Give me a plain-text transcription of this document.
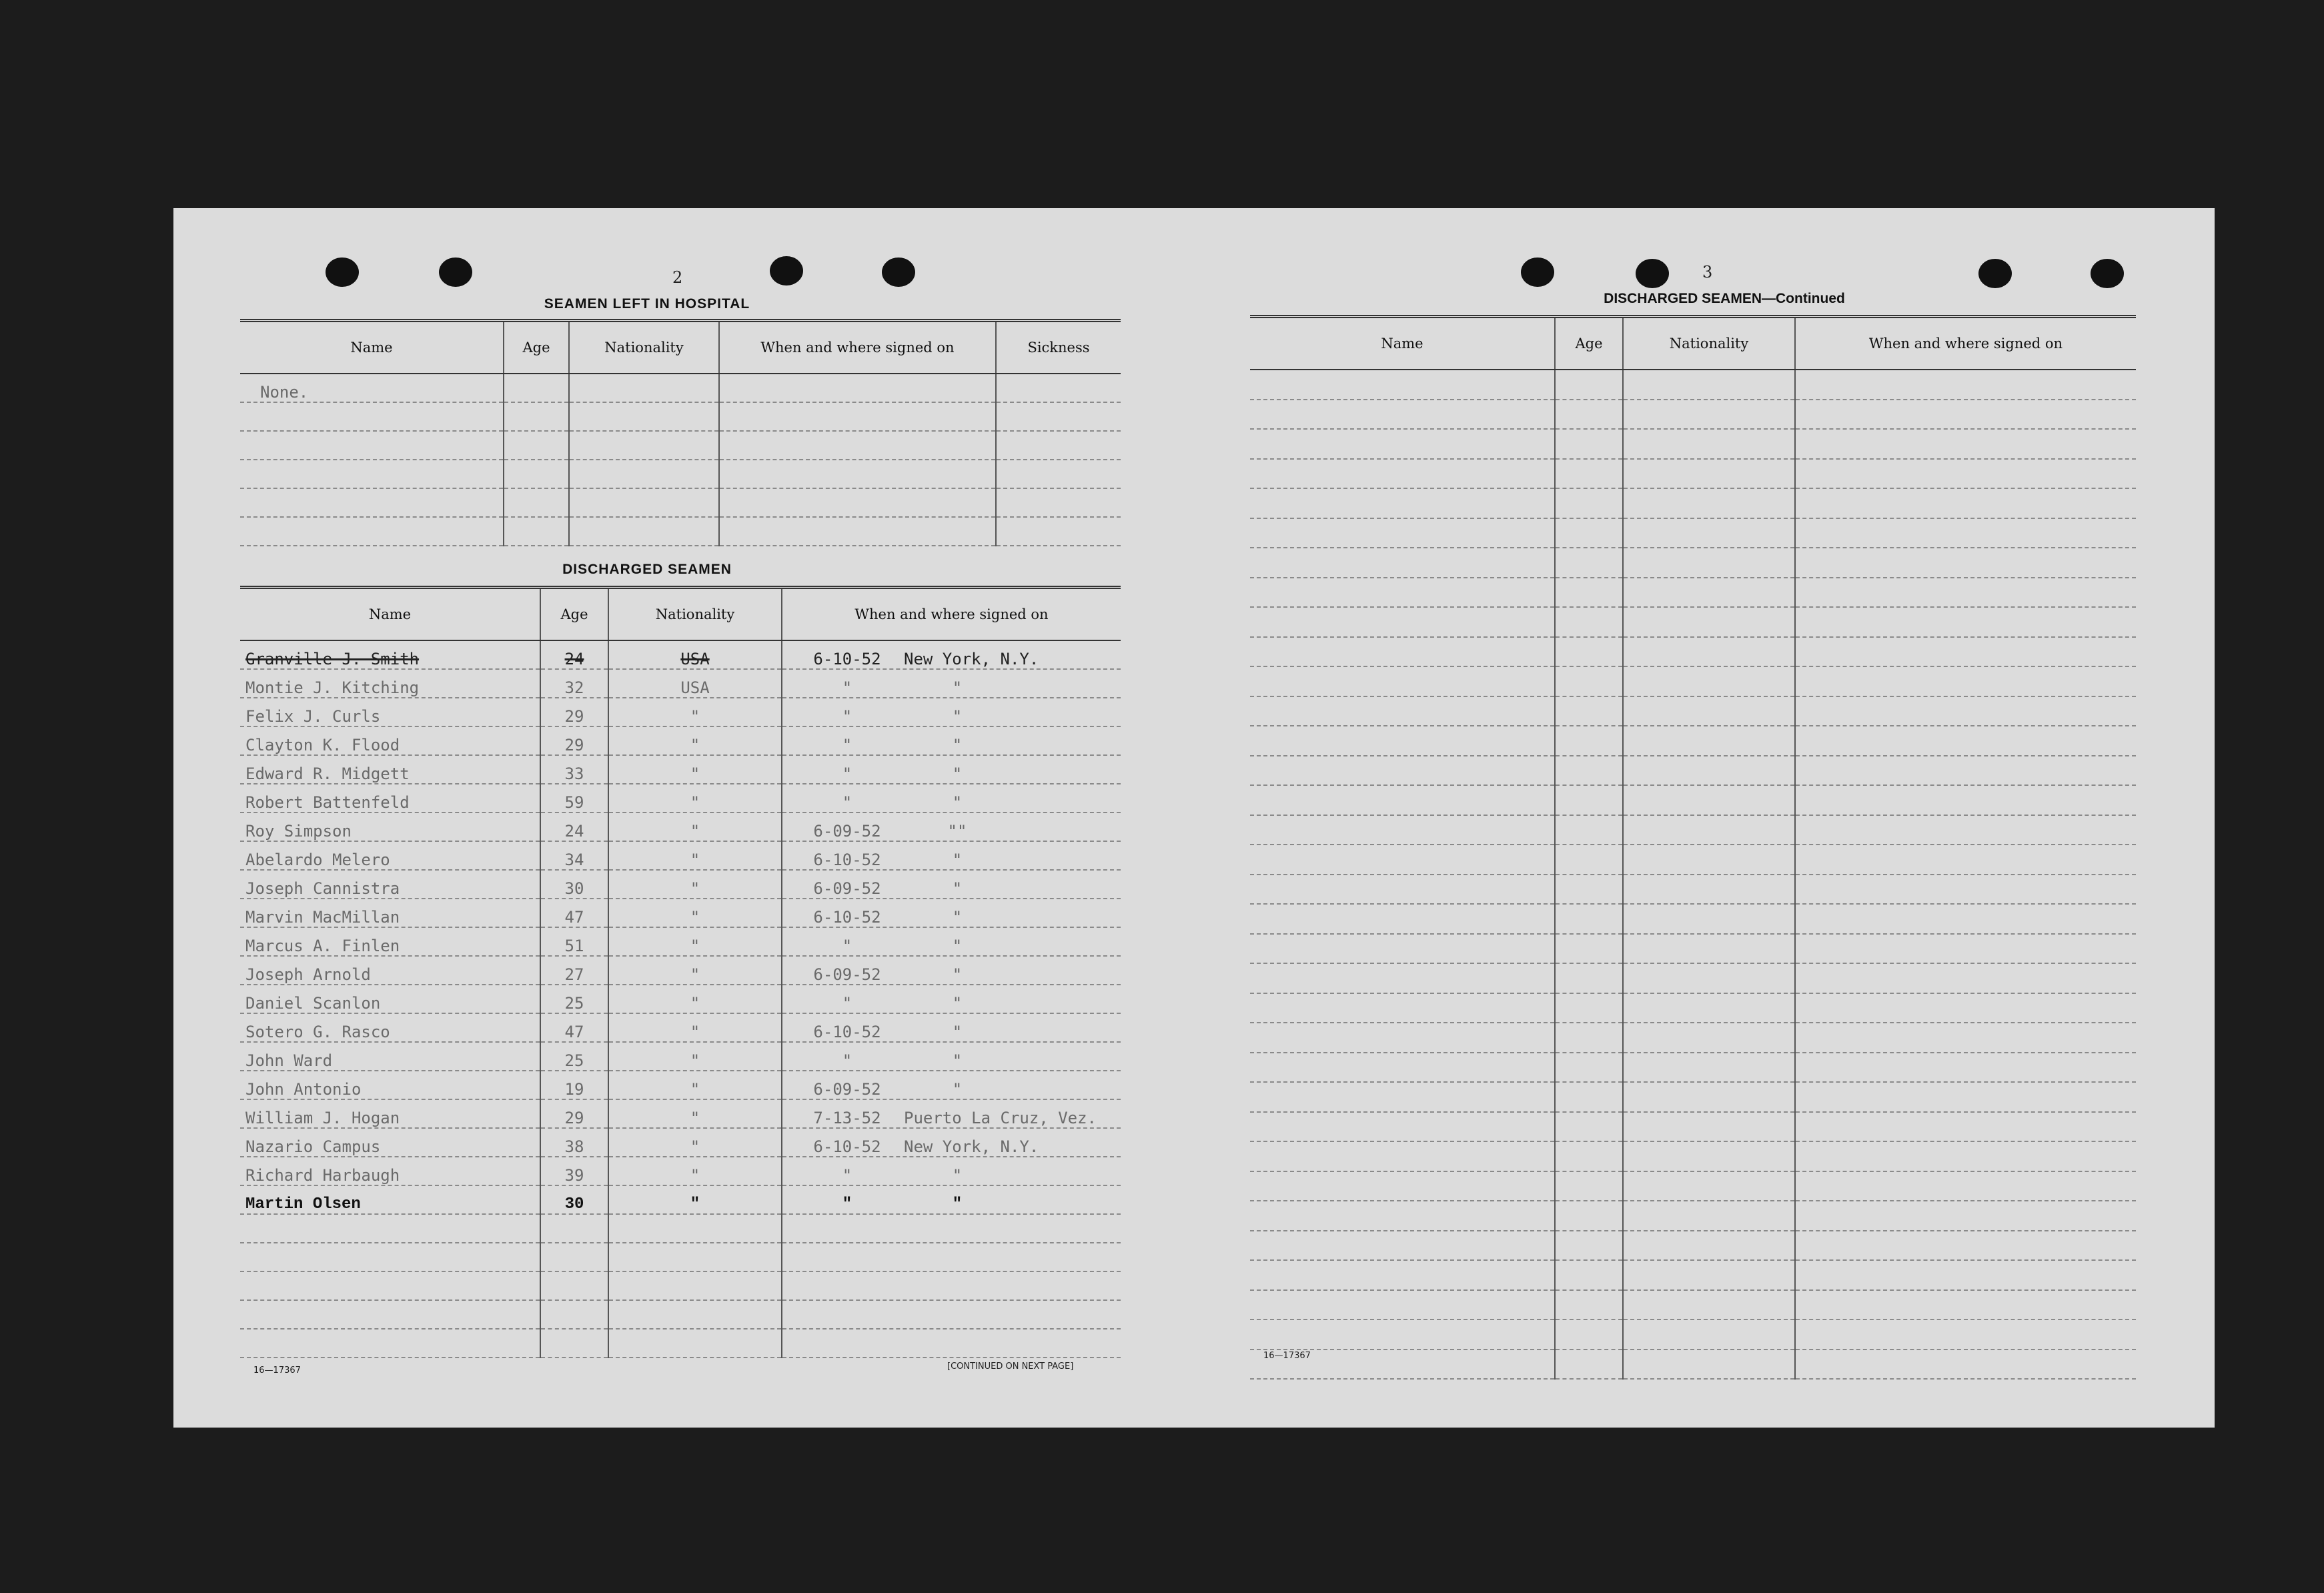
2
SEAMEN LEFT IN HOSPITAL
Name	Age	Nationality	When and where signed on	Sickness
None.				

DISCHARGED SEAMEN
Name	Age	Nationality	When and where signed on
Granville J. Smith	24	USA	6-10-52 New York, N.Y.
Montie J. Kitching	32	USA	" "
Felix J. Curls	29	"	" "
Clayton K. Flood	29	"	" "
Edward R. Midgett	33	"	" "
Robert Battenfeld	59	"	" "
Roy Simpson	24	"	6-09-52 ""
Abelardo Melero	34	"	6-10-52 "
Joseph Cannistra	30	"	6-09-52 "
Marvin MacMillan	47	"	6-10-52 "
Marcus A. Finlen	51	"	" "
Joseph Arnold	27	"	6-09-52 "
Daniel Scanlon	25	"	" "
Sotero G. Rasco	47	"	6-10-52 "
John Ward	25	"	" "
John Antonio	19	"	6-09-52 "
William J. Hogan	29	"	7-13-52 Puerto La Cruz, Vez.
Nazario Campus	38	"	6-10-52 New York, N.Y.
Richard Harbaugh	39	"	" "
Martin Olsen	30	"	" "

16—17367	[CONTINUED ON NEXT PAGE]
3
DISCHARGED SEAMEN—Continued
Name	Age	Nationality	When and where signed on

16—17367
